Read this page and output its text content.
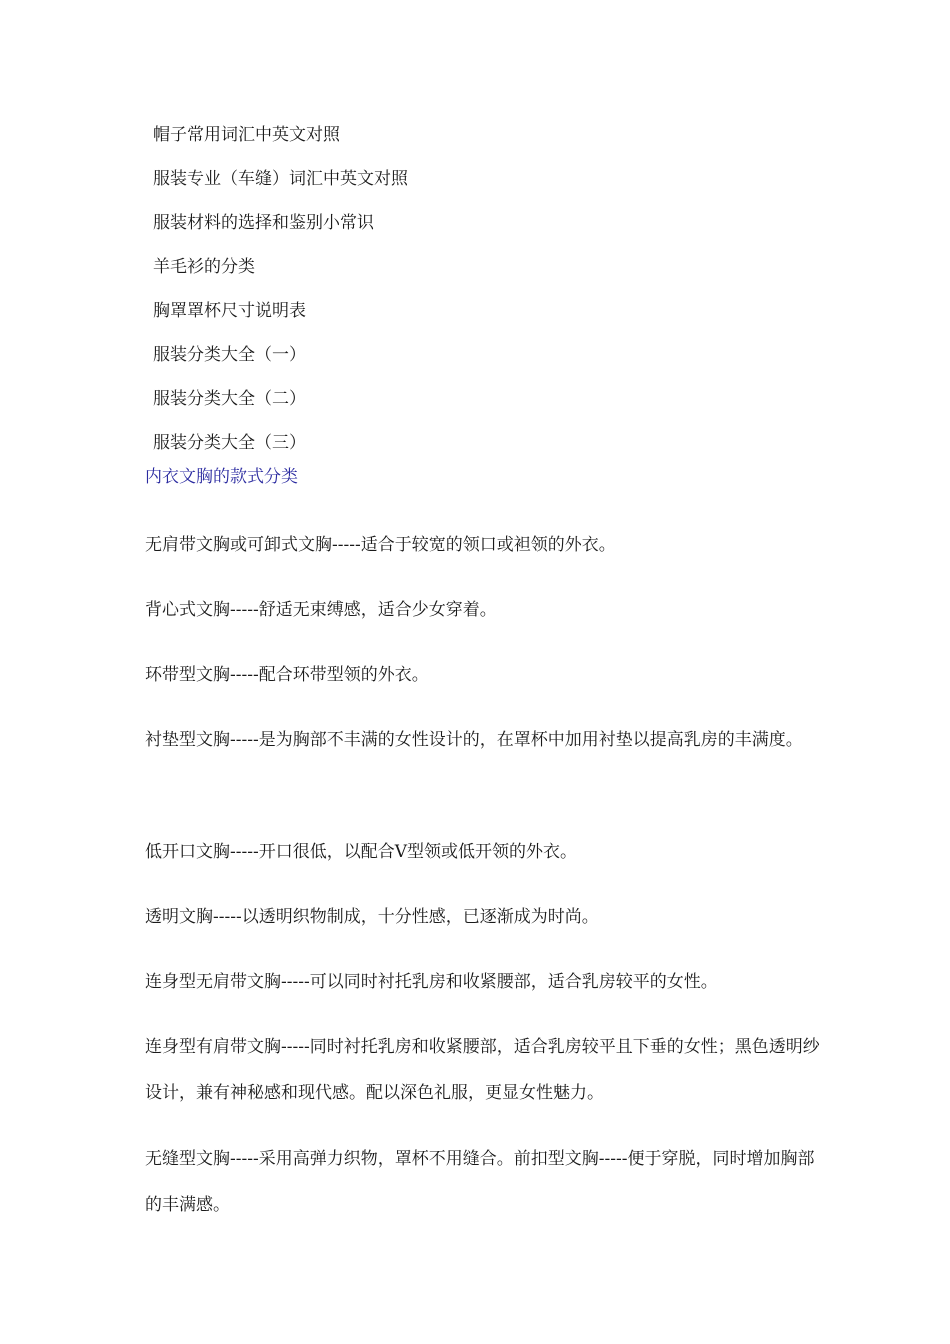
帽子常用词汇中英文对照
服装专业（车缝）词汇中英文对照
服装材料的选择和鉴别小常识
羊毛衫的分类
胸罩罩杯尺寸说明表
服装分类大全（一）
服装分类大全（二）
服装分类大全（三）
内衣文胸的款式分类

无肩带文胸或可卸式文胸-----适合于较宽的领口或袒领的外衣。

背心式文胸-----舒适无束缚感，适合少女穿着。

环带型文胸-----配合环带型领的外衣。

衬垫型文胸-----是为胸部不丰满的女性设计的，在罩杯中加用衬垫以提高乳房的丰满度。

低开口文胸-----开口很低，以配合V型领或低开领的外衣。

透明文胸-----以透明织物制成，十分性感，已逐渐成为时尚。

连身型无肩带文胸-----可以同时衬托乳房和收紧腰部，适合乳房较平的女性。

连身型有肩带文胸-----同时衬托乳房和收紧腰部，适合乳房较平且下垂的女性；黑色透明纱设计，兼有神秘感和现代感。配以深色礼服，更显女性魅力。

无缝型文胸-----采用高弹力织物，罩杯不用缝合。前扣型文胸-----便于穿脱，同时增加胸部的丰满感。
